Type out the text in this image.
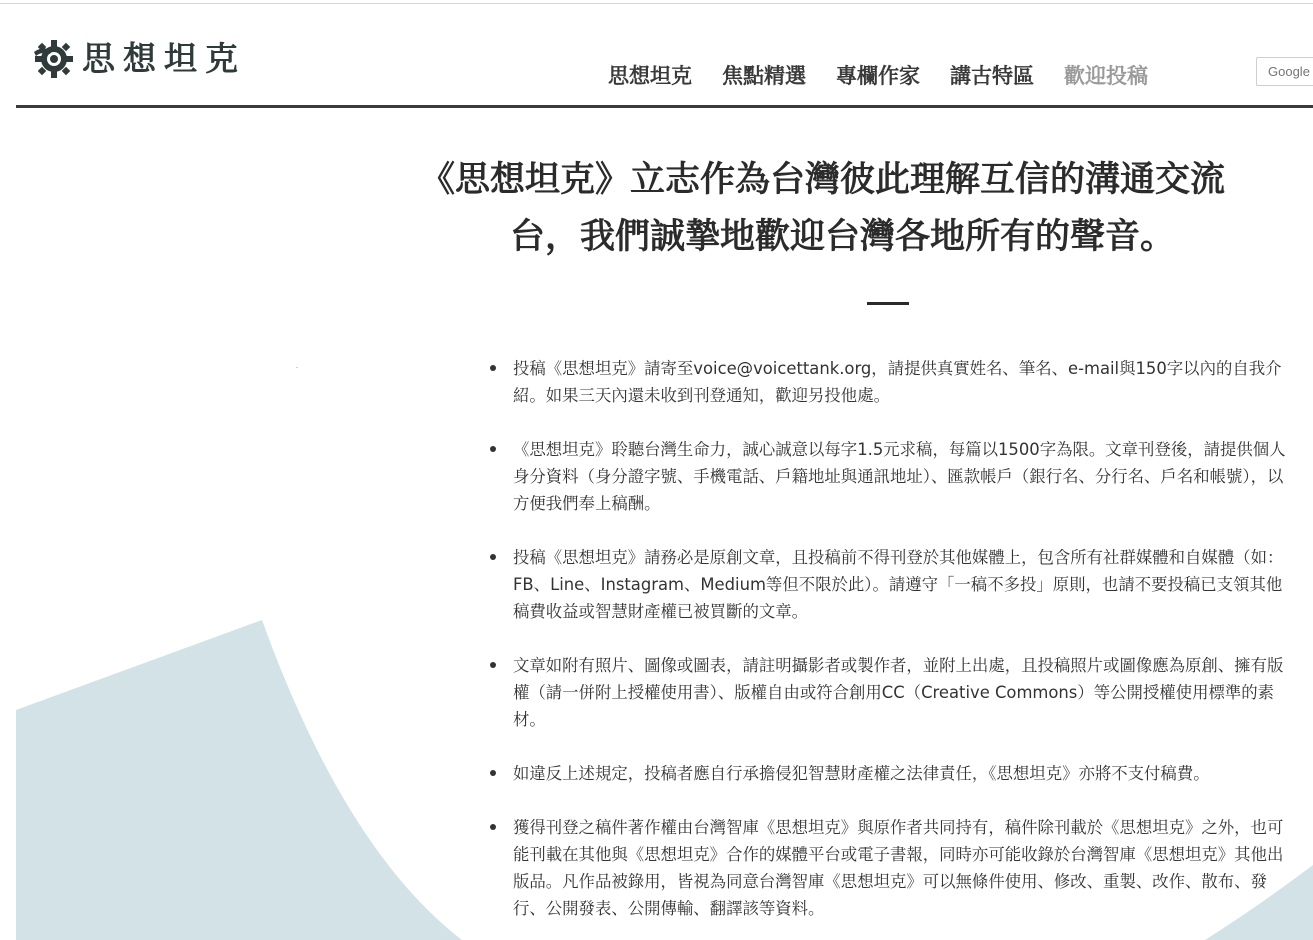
思想坦克	思想坦克 焦點精選 專欄作家 講古特區 歡迎投稿
Google
《思想坦克》立志作為台灣彼此理解互信的溝通交流
台，我們誠摯地歡迎台灣各地所有的聲音。
投稿《思想坦克》請寄至voice@voicettank.org，請提供真實姓名、筆名、e-mail與150字以內的自我介紹。如果三天內還未收到刊登通知，歡迎另投他處。
《思想坦克》聆聽台灣生命力，誠心誠意以每字1.5元求稿，每篇以1500字為限。文章刊登後，請提供個人身分資料（身分證字號、手機電話、戶籍地址與通訊地址）、匯款帳戶（銀行名、分行名、戶名和帳號），以方便我們奉上稿酬。
投稿《思想坦克》請務必是原創文章，且投稿前不得刊登於其他媒體上，包含所有社群媒體和自媒體（如：FB、Line、Instagram、Medium等但不限於此）。請遵守「一稿不多投」原則，也請不要投稿已支領其他稿費收益或智慧財產權已被買斷的文章。
文章如附有照片、圖像或圖表，請註明攝影者或製作者，並附上出處，且投稿照片或圖像應為原創、擁有版權（請一併附上授權使用書）、版權自由或符合創用CC（Creative Commons）等公開授權使用標準的素材。
如違反上述規定，投稿者應自行承擔侵犯智慧財產權之法律責任，《思想坦克》亦將不支付稿費。
獲得刊登之稿件著作權由台灣智庫《思想坦克》與原作者共同持有，稿件除刊載於《思想坦克》之外，也可能刊載在其他與《思想坦克》合作的媒體平台或電子書報，同時亦可能收錄於台灣智庫《思想坦克》其他出版品。凡作品被錄用，皆視為同意台灣智庫《思想坦克》可以無條件使用、修改、重製、改作、散布、發行、公開發表、公開傳輸、翻譯該等資料。
